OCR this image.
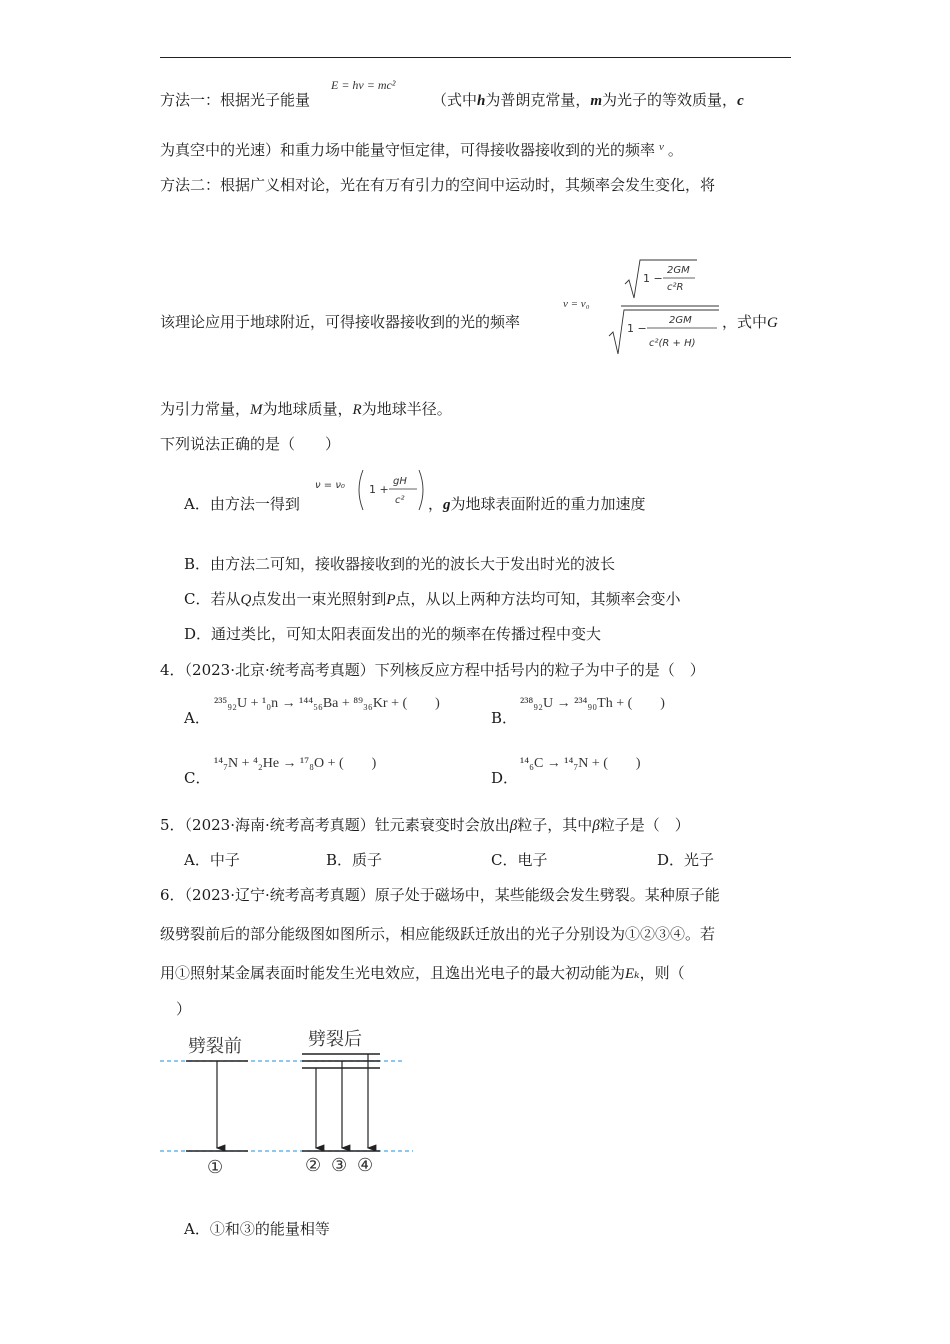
方法一：根据光子能量
E = hν = mc²
（式中h为普朗克常量，m为光子的等效质量，c
为真空中的光速）和重力场中能量守恒定律，可得接收器接收到的光的频率 $^\nu$ 。
方法二：根据广义相对论，光在有万有引力的空间中运动时，其频率会发生变化，将
该理论应用于地球附近，可得接收器接收到的光的频率
ν = ν₀
1 −
2GM
c²R
1 −
2GM
c²(R + H)
，式中G
为引力常量，M为地球质量，R为地球半径。
下列说法正确的是（　　）
A．由方法一得到
ν = ν₀ 1 +
gH
c² ，g为地球表面附近的重力加速度
B．由方法二可知，接收器接收到的光的波长大于发出时光的波长
C．若从Q点发出一束光照射到P点，从以上两种方法均可知，其频率会变小
D．通过类比，可知太阳表面发出的光的频率在传播过程中变大
4．（2023·北京·统考高考真题）下列核反应方程中括号内的粒子为中子的是（　）
A．
²³⁵₉₂U + ¹₀n → ¹⁴⁴₅₆Ba + ⁸⁹₃₆Kr + (　　)
B．
²³⁸₉₂U → ²³⁴₉₀Th + (　　)
C．
¹⁴₇N + ⁴₂He → ¹⁷₈O + (　　)
D．
¹⁴₆C → ¹⁴₇N + (　　)
5．（2023·海南·统考高考真题）钍元素衰变时会放出β粒子，其中β粒子是（　）
A．中子	B．质子	C．电子	D．光子
6．（2023·辽宁·统考高考真题）原子处于磁场中，某些能级会发生劈裂。某种原子能
级劈裂前后的部分能级图如图所示，相应能级跃迁放出的光子分别设为①②③④。若
用①照射某金属表面时能发生光电效应，且逸出光电子的最大初动能为Eₖ，则（
）
劈裂前	劈裂后
①	② ③ ④
A．①和③的能量相等
